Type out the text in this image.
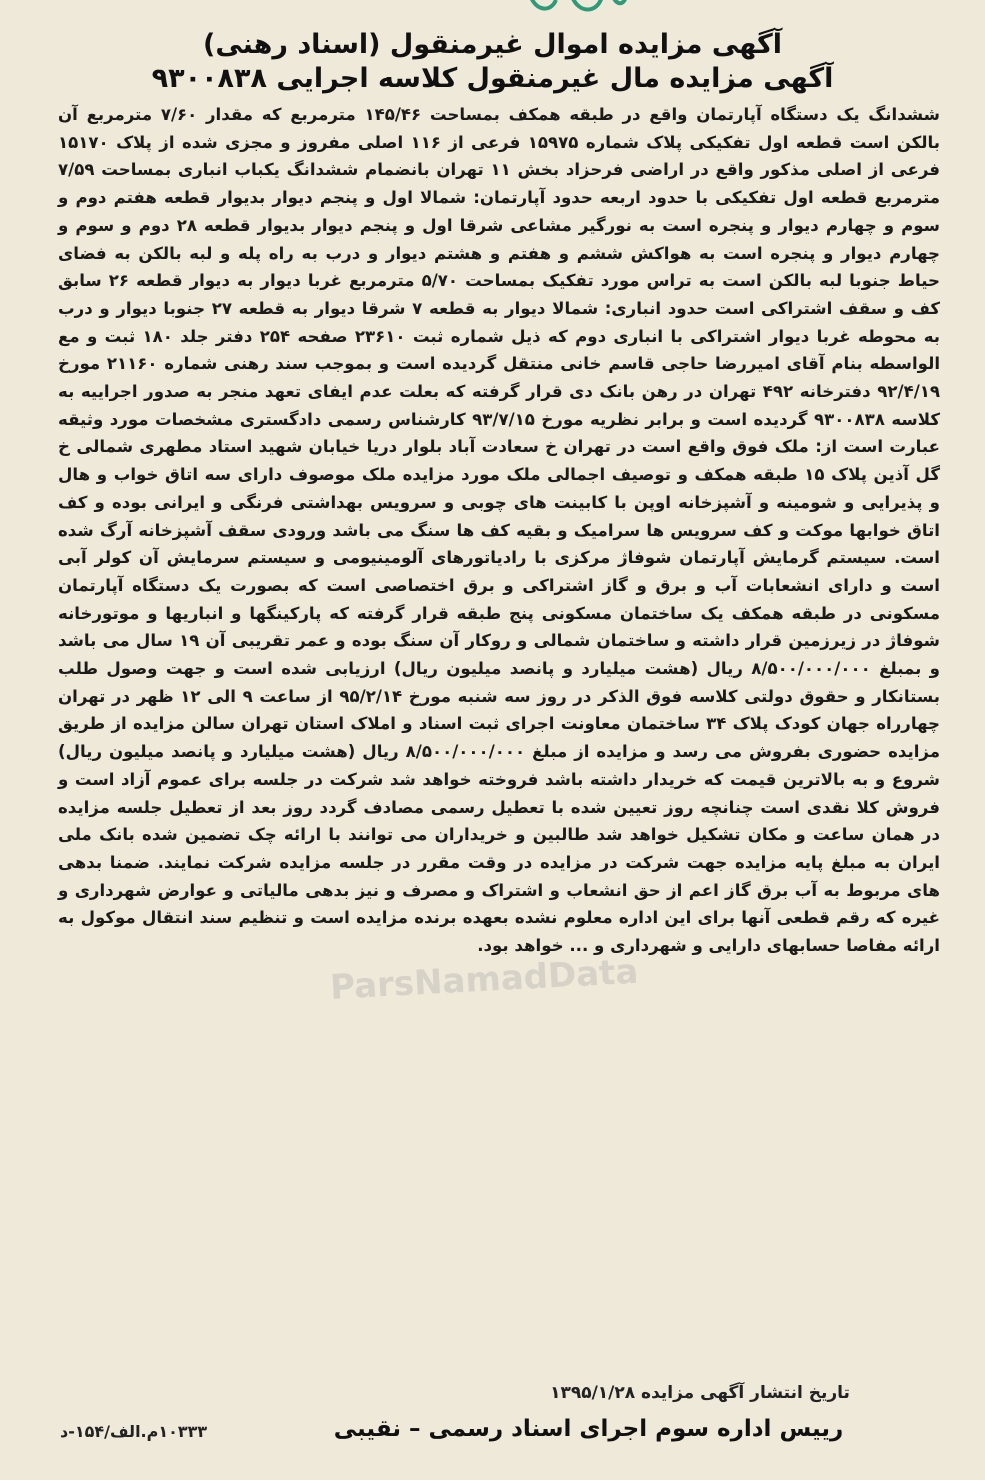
آگهی مزایده اموال غیرمنقول (اسناد رهنی)
آگهی مزایده مال غیرمنقول کلاسه اجرایی ۹۳۰۰۸۳۸

ششدانگ یک دستگاه آپارتمان واقع در طبقه همکف بمساحت ۱۴۵/۴۶ مترمربع که مقدار ۷/۶۰ مترمربع آن بالکن است قطعه اول تفکیکی پلاک شماره ۱۵۹۷۵ فرعی از ۱۱۶ اصلی مفروز و مجزی شده از پلاک ۱۵۱۷۰ فرعی از اصلی مذکور واقع در اراضی فرحزاد بخش ۱۱ تهران بانضمام ششدانگ یکباب انباری بمساحت ۷/۵۹ مترمربع قطعه اول تفکیکی با حدود اربعه حدود آپارتمان: شمالا اول و پنجم دیوار بدیوار قطعه هفتم دوم و سوم و چهارم دیوار و پنجره است به نورگیر مشاعی شرقا اول و پنجم دیوار بدیوار قطعه ۲۸ دوم و سوم و چهارم دیوار و پنجره است به هواکش ششم و هفتم و هشتم دیوار و درب به راه پله و لبه بالکن به فضای حیاط جنوبا لبه بالکن است به تراس مورد تفکیک بمساحت ۵/۷۰ مترمربع غربا دیوار به دیوار قطعه ۲۶ سابق کف و سقف اشتراکی است حدود انباری: شمالا دیوار به قطعه ۷ شرقا دیوار به قطعه ۲۷ جنوبا دیوار و درب به محوطه غربا دیوار اشتراکی با انباری دوم که ذیل شماره ثبت ۲۳۶۱۰ صفحه ۲۵۴ دفتر جلد ۱۸۰ ثبت و مع الواسطه بنام آقای امیررضا حاجی قاسم خانی منتقل گردیده است و بموجب سند رهنی شماره ۲۱۱۶۰ مورخ ۹۲/۴/۱۹ دفترخانه ۴۹۲ تهران در رهن بانک دی قرار گرفته که بعلت عدم ایفای تعهد منجر به صدور اجراییه به کلاسه ۹۳۰۰۸۳۸ گردیده است و برابر نظریه مورخ ۹۳/۷/۱۵ کارشناس رسمی دادگستری مشخصات مورد وثیقه عبارت است از: ملک فوق واقع است در تهران خ سعادت آباد بلوار دریا خیابان شهید استاد مطهری شمالی خ گل آذین پلاک ۱۵ طبقه همکف و توصیف اجمالی ملک مورد مزایده ملک موصوف دارای سه اتاق خواب و هال و پذیرایی و شومینه و آشپزخانه اوپن با کابینت های چوبی و سرویس بهداشتی فرنگی و ایرانی بوده و کف اتاق خوابها موکت و کف سرویس ها سرامیک و بقیه کف ها سنگ می باشد ورودی سقف آشپزخانه آرگ شده است. سیستم گرمایش آپارتمان شوفاژ مرکزی با رادیاتورهای آلومینیومی و سیستم سرمایش آن کولر آبی است و دارای انشعابات آب و برق و گاز اشتراکی و برق اختصاصی است که بصورت یک دستگاه آپارتمان مسکونی در طبقه همکف یک ساختمان مسکونی پنج طبقه قرار گرفته که پارکینگها و انباریها و موتورخانه شوفاژ در زیرزمین قرار داشته و ساختمان شمالی و روکار آن سنگ بوده و عمر تقریبی آن ۱۹ سال می باشد و بمبلغ ۸/۵۰۰/۰۰۰/۰۰۰ ریال (هشت میلیارد و پانصد میلیون ریال) ارزیابی شده است و جهت وصول طلب بستانکار و حقوق دولتی کلاسه فوق الذکر در روز سه شنبه مورخ ۹۵/۲/۱۴ از ساعت ۹ الی ۱۲ ظهر در تهران چهارراه جهان کودک پلاک ۳۴ ساختمان معاونت اجرای ثبت اسناد و املاک استان تهران سالن مزایده از طریق مزایده حضوری بفروش می رسد و مزایده از مبلغ ۸/۵۰۰/۰۰۰/۰۰۰ ریال (هشت میلیارد و پانصد میلیون ریال) شروع و به بالاترین قیمت که خریدار داشته باشد فروخته خواهد شد شرکت در جلسه برای عموم آزاد است و فروش کلا نقدی است چنانچه روز تعیین شده با تعطیل رسمی مصادف گردد روز بعد از تعطیل جلسه مزایده در همان ساعت و مکان تشکیل خواهد شد طالبین و خریداران می توانند با ارائه چک تضمین شده بانک ملی ایران به مبلغ پایه مزایده جهت شرکت در مزایده در وقت مقرر در جلسه مزایده شرکت نمایند. ضمنا بدهی های مربوط به آب برق گاز اعم از حق انشعاب و اشتراک و مصرف و نیز بدهی مالیاتی و عوارض شهرداری و غیره که رقم قطعی آنها برای این اداره معلوم نشده بعهده برنده مزایده است و تنظیم سند انتقال موکول به ارائه مفاصا حسابهای دارایی و شهرداری و ... خواهد بود.

ParsNamadData
تاریخ انتشار آگهی مزایده ۱۳۹۵/۱/۲۸
رییس اداره سوم اجرای اسناد رسمی – نقیبی
۱۰۳۳۳م.الف/۱۵۴-د
